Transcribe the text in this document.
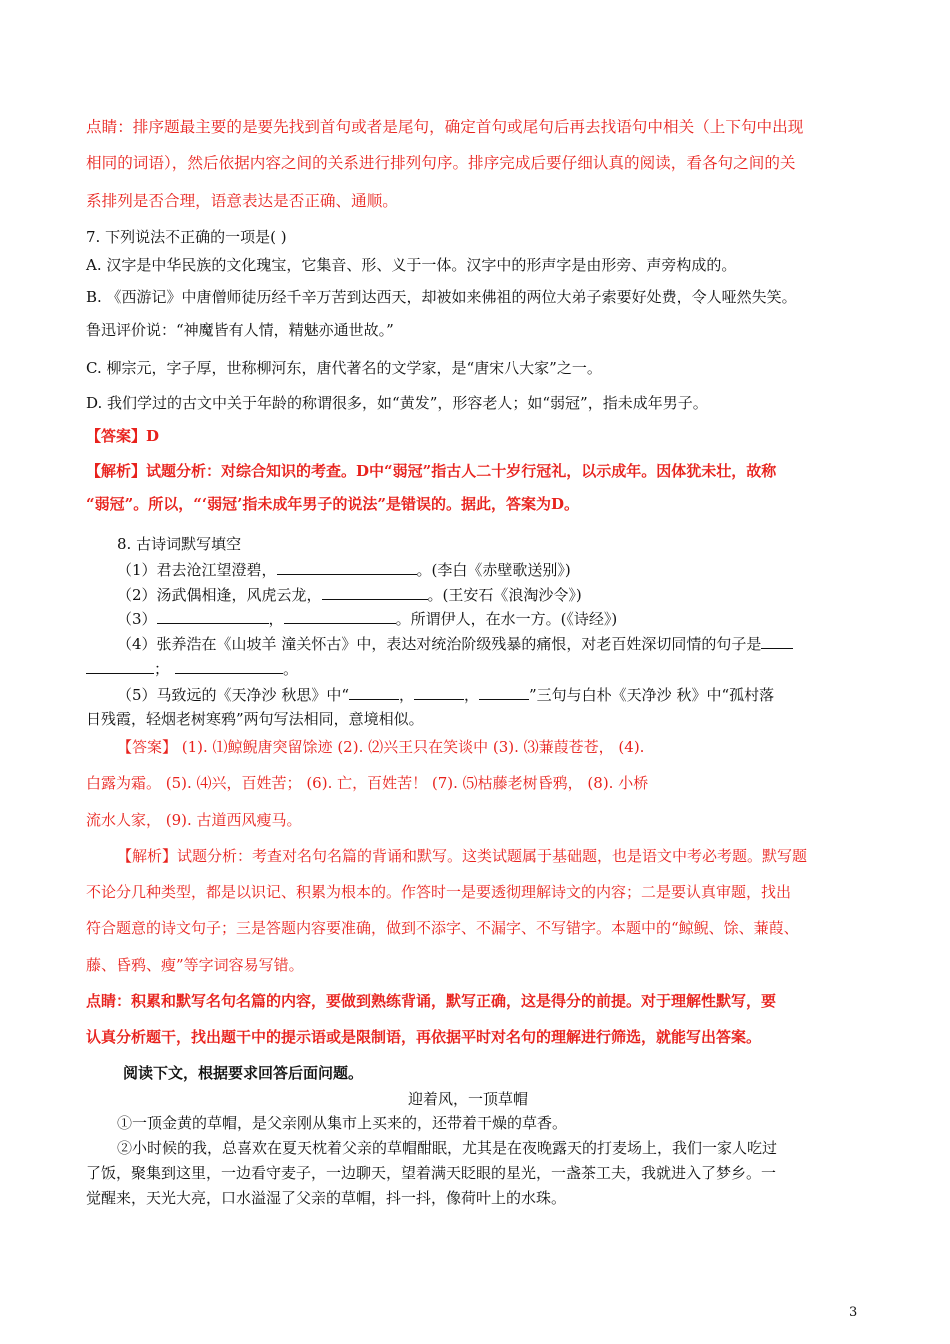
点睛：排序题最主要的是要先找到首句或者是尾句，确定首句或尾句后再去找语句中相关（上下句中出现
相同的词语），然后依据内容之间的关系进行排列句序。排序完成后要仔细认真的阅读，看各句之间的关
系排列是否合理，语意表达是否正确、通顺。
7. 下列说法不正确的一项是( )
A. 汉字是中华民族的文化瑰宝，它集音、形、义于一体。汉字中的形声字是由形旁、声旁构成的。
B. 《西游记》中唐僧师徒历经千辛万苦到达西天，却被如来佛祖的两位大弟子索要好处费，令人哑然失笑。
鲁迅评价说：“神魔皆有人情，精魅亦通世故。”
C. 柳宗元，字子厚，世称柳河东，唐代著名的文学家，是“唐宋八大家”之一。
D. 我们学过的古文中关于年龄的称谓很多，如“黄发”，形容老人；如“弱冠”，指未成年男子。
【答案】D
【解析】试题分析：对综合知识的考查。D中“弱冠”指古人二十岁行冠礼，以示成年。因体犹未壮，故称
“弱冠”。所以，“‘弱冠’指未成年男子的说法”是错误的。据此，答案为D。
8. 古诗词默写填空
（1）君去沧江望澄碧，	。(李白《赤壁歌送别》)
（2）汤武偶相逢，风虎云龙，	。(王安石《浪淘沙令》)
（3）	，	。所谓伊人，在水一方。(《诗经》)
（4）张养浩在《山坡羊 潼关怀古》中，表达对统治阶级残暴的痛恨，对老百姓深切同情的句子是
；	。
（5）马致远的《天净沙 秋思》中“	，	，	”三句与白朴《天净沙 秋》中“孤村落
日残霞，轻烟老树寒鸦”两句写法相同，意境相似。
【答案】 (1). ⑴鲸鲵唐突留馀迹 (2). ⑵兴王只在笑谈中 (3). ⑶蒹葭苍苍， (4).
白露为霜。 (5). ⑷兴，百姓苦； (6). 亡，百姓苦！ (7). ⑸枯藤老树昏鸦， (8). 小桥
流水人家， (9). 古道西风瘦马。
【解析】试题分析：考查对名句名篇的背诵和默写。这类试题属于基础题，也是语文中考必考题。默写题
不论分几种类型，都是以识记、积累为根本的。作答时一是要透彻理解诗文的内容；二是要认真审题，找出
符合题意的诗文句子；三是答题内容要准确，做到不添字、不漏字、不写错字。本题中的“鲸鲵、馀、蒹葭、
藤、昏鸦、瘦”等字词容易写错。
点睛：积累和默写名句名篇的内容，要做到熟练背诵，默写正确，这是得分的前提。对于理解性默写，要
认真分析题干，找出题干中的提示语或是限制语，再依据平时对名句的理解进行筛选，就能写出答案。
阅读下文，根据要求回答后面问题。
迎着风，一顶草帽
①一顶金黄的草帽，是父亲刚从集市上买来的，还带着干燥的草香。
②小时候的我，总喜欢在夏天枕着父亲的草帽酣眠，尤其是在夜晚露天的打麦场上，我们一家人吃过
了饭，聚集到这里，一边看守麦子，一边聊天，望着满天眨眼的星光，一盏茶工夫，我就进入了梦乡。一
觉醒来，天光大亮，口水溢湿了父亲的草帽，抖一抖，像荷叶上的水珠。
3
